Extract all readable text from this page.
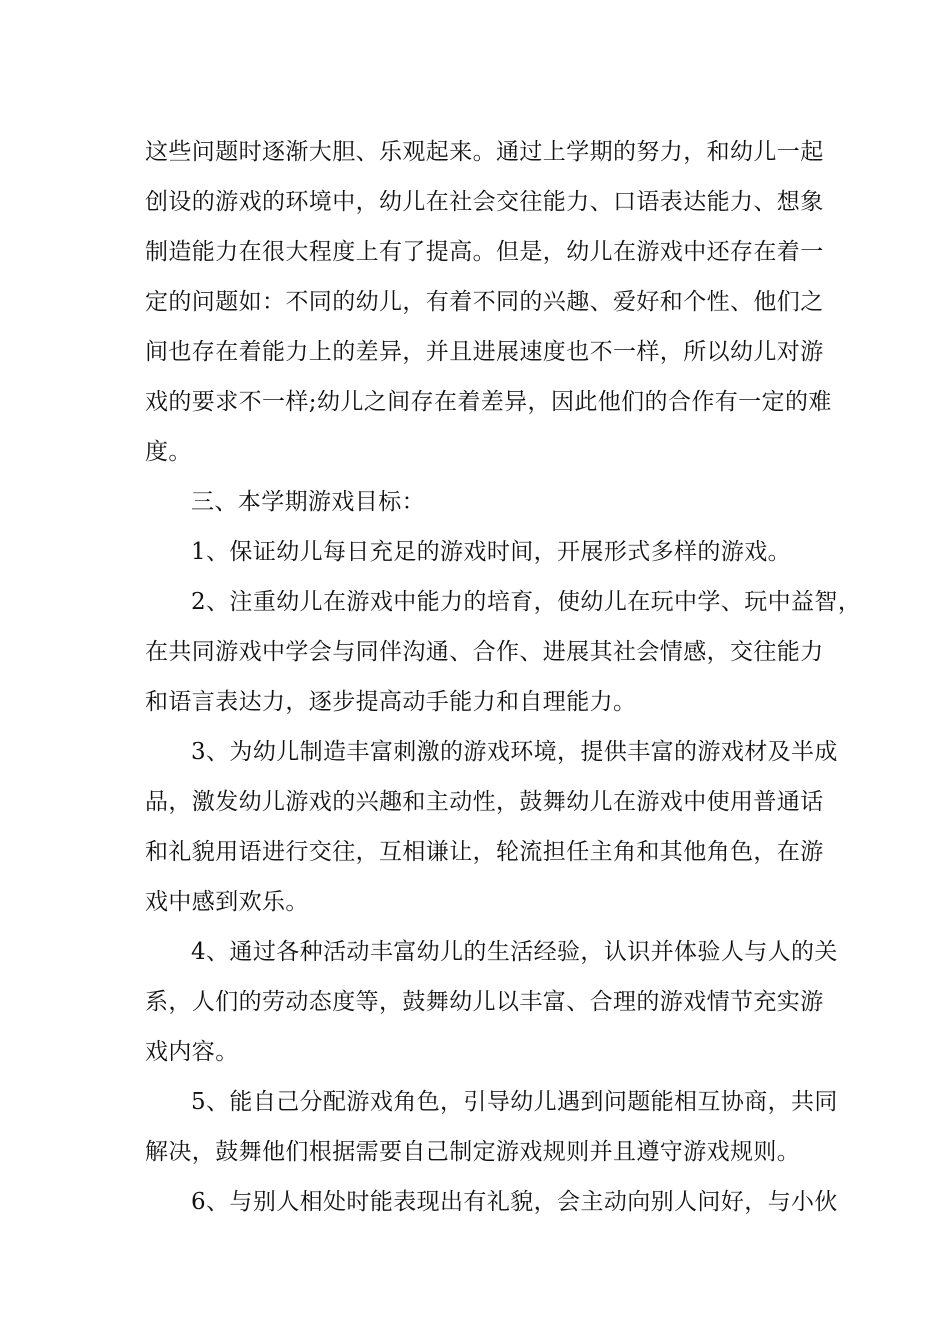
这些问题时逐渐大胆、乐观起来。通过上学期的努力，和幼儿一起
创设的游戏的环境中，幼儿在社会交往能力、口语表达能力、想象
制造能力在很大程度上有了提高。但是，幼儿在游戏中还存在着一
定的问题如：不同的幼儿，有着不同的兴趣、爱好和个性、他们之
间也存在着能力上的差异，并且进展速度也不一样，所以幼儿对游
戏的要求不一样;幼儿之间存在着差异，因此他们的合作有一定的难
度。
三、本学期游戏目标：
1、保证幼儿每日充足的游戏时间，开展形式多样的游戏。
2、注重幼儿在游戏中能力的培育，使幼儿在玩中学、玩中益智，
在共同游戏中学会与同伴沟通、合作、进展其社会情感，交往能力
和语言表达力，逐步提高动手能力和自理能力。
3、为幼儿制造丰富刺激的游戏环境，提供丰富的游戏材及半成
品，激发幼儿游戏的兴趣和主动性，鼓舞幼儿在游戏中使用普通话
和礼貌用语进行交往，互相谦让，轮流担任主角和其他角色，在游
戏中感到欢乐。
4、通过各种活动丰富幼儿的生活经验，认识并体验人与人的关
系，人们的劳动态度等，鼓舞幼儿以丰富、合理的游戏情节充实游
戏内容。
5、能自己分配游戏角色，引导幼儿遇到问题能相互协商，共同
解决，鼓舞他们根据需要自己制定游戏规则并且遵守游戏规则。
6、与别人相处时能表现出有礼貌，会主动向别人问好，与小伙
